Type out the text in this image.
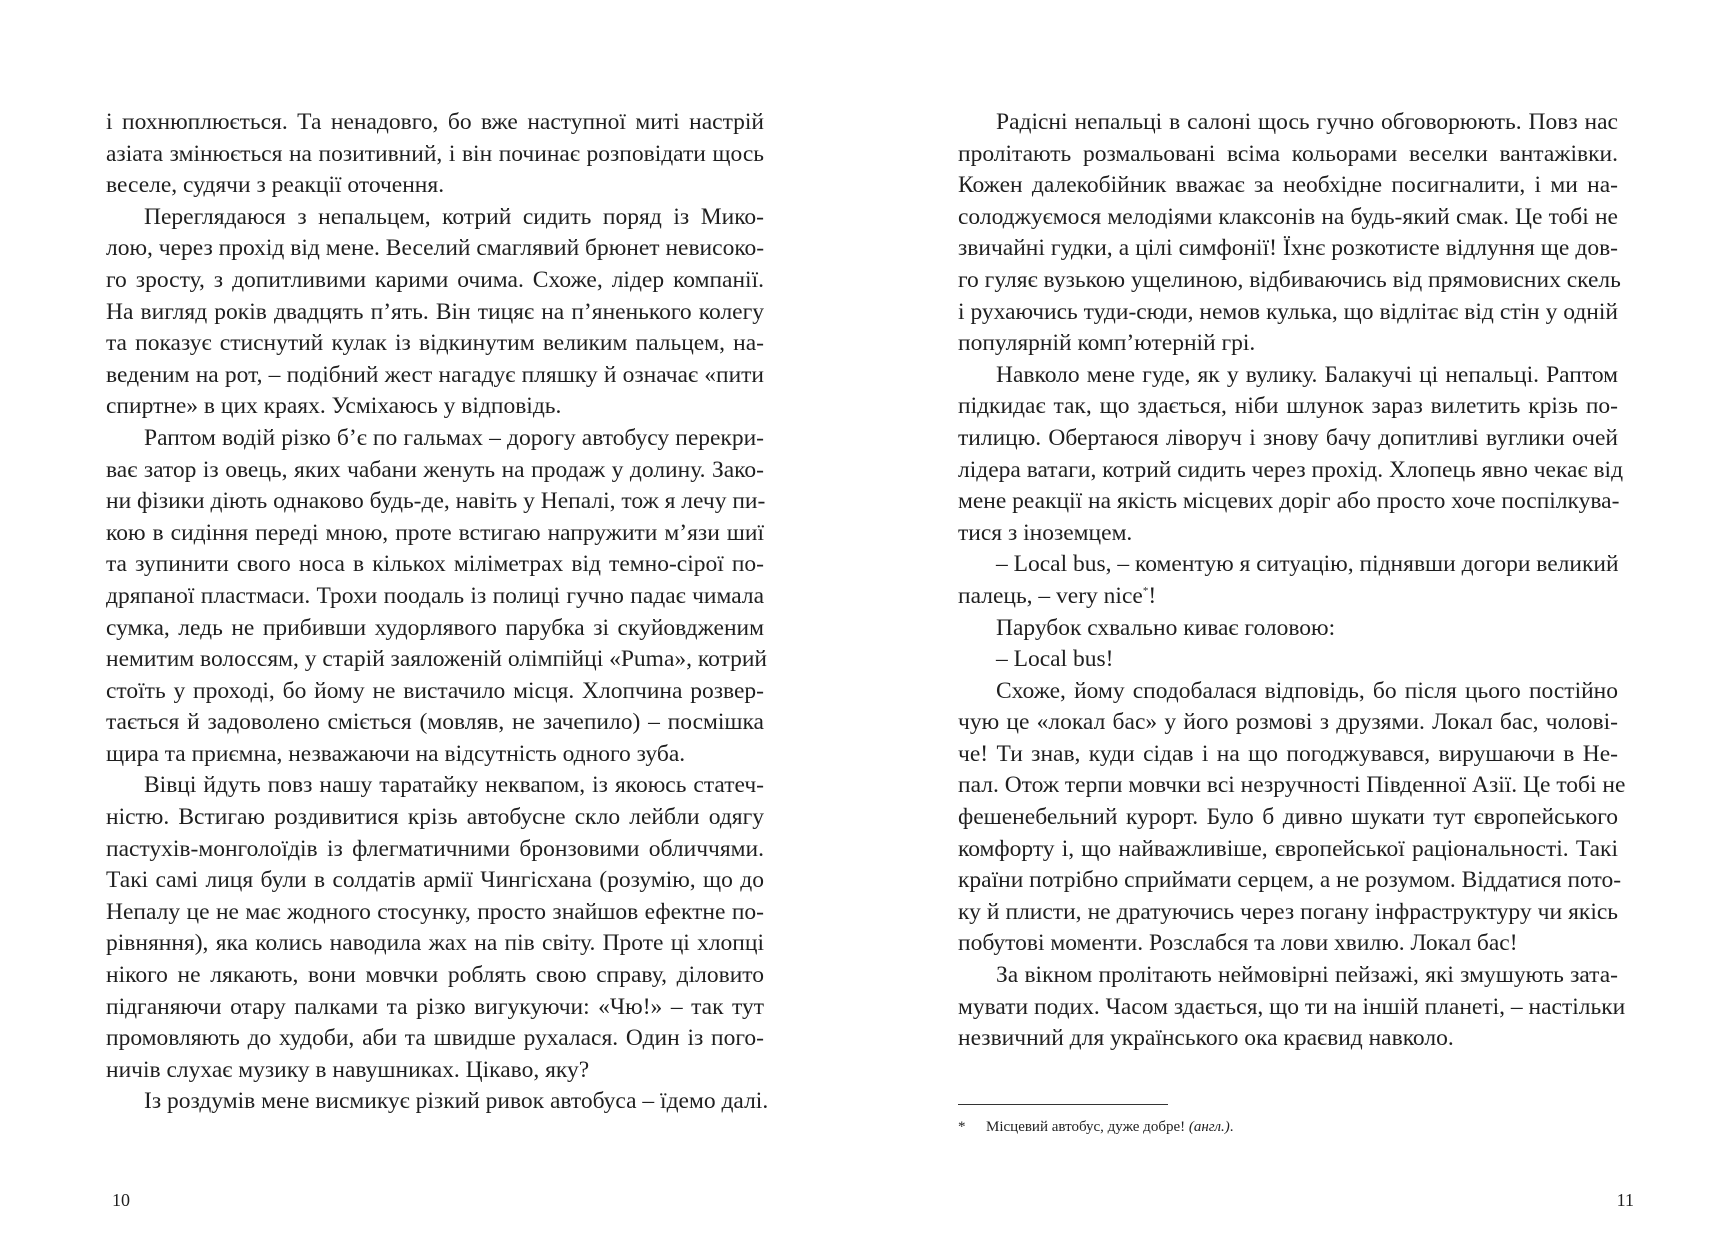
і похнюплюється. Та ненадовго, бо вже наступної миті настрій
азіата змінюється на позитивний, і він починає розповідати щось
веселе, судячи з реакції оточення.
Переглядаюся з непальцем, котрий сидить поряд із Мико-
лою, через прохід від мене. Веселий смаглявий брюнет невисоко-
го зросту, з допитливими карими очима. Схоже, лідер компанії.
На вигляд років двадцять п’ять. Він тицяє на п’яненького колегу
та показує стиснутий кулак із відкинутим великим пальцем, на-
веденим на рот, – подібний жест нагадує пляшку й означає «пити
спиртне» в цих краях. Усміхаюсь у відповідь.
Раптом водій різко б’є по гальмах – дорогу автобусу перекри-
ває затор із овець, яких чабани женуть на продаж у долину. Зако-
ни фізики діють однаково будь-де, навіть у Непалі, тож я лечу пи-
кою в сидіння переді мною, проте встигаю напружити м’язи шиї
та зупинити свого носа в кількох міліметрах від темно-сірої по-
дряпаної пластмаси. Трохи поодаль із полиці гучно падає чимала
сумка, ледь не прибивши худорлявого парубка зі скуйовдженим
немитим волоссям, у старій заяложеній олімпійці «Puma», котрий
стоїть у проході, бо йому не вистачило місця. Хлопчина розвер-
тається й задоволено сміється (мовляв, не зачепило) – посмішка
щира та приємна, незважаючи на відсутність одного зуба.
Вівці йдуть повз нашу таратайку неквапом, із якоюсь статеч-
ністю. Встигаю роздивитися крізь автобусне скло лейбли одягу
пастухів-монголоїдів із флегматичними бронзовими обличчями.
Такі самі лиця були в солдатів армії Чингісхана (розумію, що до
Непалу це не має жодного стосунку, просто знайшов ефектне по-
рівняння), яка колись наводила жах на пів світу. Проте ці хлопці
нікого не лякають, вони мовчки роблять свою справу, діловито
підганяючи отару палками та різко вигукуючи: «Чю!» – так тут
промовляють до худоби, аби та швидше рухалася. Один із пого-
ничів слухає музику в навушниках. Цікаво, яку?
Із роздумів мене висмикує різкий ривок автобуса – їдемо далі.
10
Радісні непальці в салоні щось гучно обговорюють. Повз нас
пролітають розмальовані всіма кольорами веселки вантажівки.
Кожен далекобійник вважає за необхідне посигналити, і ми на-
солоджуємося мелодіями клаксонів на будь-який смак. Це тобі не
звичайні гудки, а цілі симфонії! Їхнє розкотисте відлуння ще дов-
го гуляє вузькою ущелиною, відбиваючись від прямовисних скель
і рухаючись туди-сюди, немов кулька, що відлітає від стін у одній
популярній комп’ютерній грі.
Навколо мене гуде, як у вулику. Балакучі ці непальці. Раптом
підкидає так, що здається, ніби шлунок зараз вилетить крізь по-
тилицю. Обертаюся ліворуч і знову бачу допитливі вуглики очей
лідера ватаги, котрий сидить через прохід. Хлопець явно чекає від
мене реакції на якість місцевих доріг або просто хоче поспілкува-
тися з іноземцем.
– Local bus, – коментую я ситуацію, піднявши догори великий
палець, – very nice*!
Парубок схвально киває головою:
– Local bus!
Схоже, йому сподобалася відповідь, бо після цього постійно
чую це «локал бас» у його розмові з друзями. Локал бас, чолові-
че! Ти знав, куди сідав і на що погоджувався, вирушаючи в Не-
пал. Отож терпи мовчки всі незручності Південної Азії. Це тобі не
фешенебельний курорт. Було б дивно шукати тут європейського
комфорту і, що найважливіше, європейської раціональності. Такі
країни потрібно сприймати серцем, а не розумом. Віддатися пото-
ку й плисти, не дратуючись через погану інфраструктуру чи якісь
побутові моменти. Розслабся та лови хвилю. Локал бас!
За вікном пролітають неймовірні пейзажі, які змушують зата-
мувати подих. Часом здається, що ти на іншій планеті, – настільки
незвичний для українського ока краєвид навколо.
* Місцевий автобус, дуже добре! (англ.).
11
